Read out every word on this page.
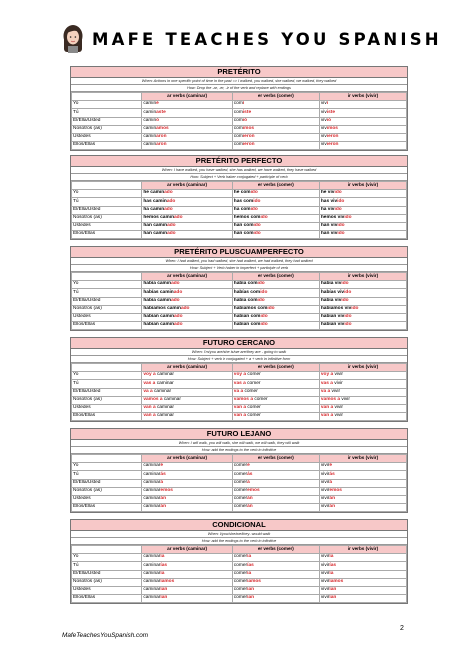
MAFE TEACHES YOU SPANISH
PRETÉRITO
When: Actions in one specific point of time in the past => I walked, you walked, she walked, we walked, they walked
How: Drop the -ar, -er, -ir of the verb and replace with endings
	ar verbs (caminar)	er verbs (comer)	ir verbs (vivir)
Yo	caminé	comí	viví
Tú	caminaste	comiste	viviste
Él/Ella/Usted	caminó	comió	vivió
Nosotros (as)	caminamos	comimos	vivimos
Ustedes	caminaron	comieron	vivieron
Ellos/Ellas	caminaron	comieron	vivieron
PRETÉRITO PERFECTO
When: I have walked, you have walked, she has walked, we have walked, they have walked
How: Subject + Verb haber conjugated + participle of verb
	ar verbs (caminar)	er verbs (comer)	ir verbs (vivir)
Yo	he caminado	he comido	he vivido
Tú	has caminado	has comido	has vivido
Él/Ella/Usted	ha caminado	ha comido	ha vivido
Nosotros (as)	hemos caminado	hemos comido	hemos vivido
Ustedes	han caminado	han comido	han vivido
Ellos/Ellas	han caminado	han comido	han vivido
PRETÉRITO PLUSCUAMPERFECTO
When: I had walked, you had walked, she had walked, we had walked, they had walked
How: Subject + Verb haber in imperfect + participle of verb
	ar verbs (caminar)	er verbs (comer)	ir verbs (vivir)
Yo	había caminado	había comido	había vivido
Tú	habías caminado	habías comido	habías vivido
Él/Ella/Usted	había caminado	había comido	había vivido
Nosotros (as)	habíamos caminado	habíamos comido	habíamos vivido
Ustedes	habían caminado	habían comido	habían vivido
Ellos/Ellas	habían caminado	habían comido	habían vivido
FUTURO CERCANO
When: I'm/you are/she is/we are/they are - going to walk
How: Subject + verb ir conjugated + a + verb in infinitive form
	ar verbs (caminar)	er verbs (comer)	ir verbs (vivir)
Yo	voy a caminar	voy a comer	voy a vivir
Tú	vas a caminar	vas a comer	vas a vivir
Él/Ella/Usted	va a caminar	va a comer	va a vivir
Nosotros (as)	vamos a caminar	vamos a comer	vamos a vivir
Ustedes	van a caminar	van a comer	van a vivir
Ellos/Ellas	van a caminar	van a comer	van a vivir
FUTURO LEJANO
When: I will walk, you will walk, she will walk, we will walk, they will walk
How: add the endings to the verb in infinitive
	ar verbs (caminar)	er verbs (comer)	ir verbs (vivir)
Yo	caminaré	comeré	viviré
Tú	caminarás	comerás	vivirás
Él/Ella/Usted	caminará	comerá	vivirá
Nosotros (as)	caminaremos	comeremos	viviremos
Ustedes	caminarán	comerán	vivirán
Ellos/Ellas	caminarán	comerán	vivirán
CONDICIONAL
When: I/you/she/we/they- would walk
How: add the endings to the verb in infinitive
	ar verbs (caminar)	er verbs (comer)	ir verbs (vivir)
Yo	caminaría	comería	viviría
Tú	caminarías	comerías	vivirías
Él/Ella/Usted	caminaría	comería	viviría
Nosotros (as)	caminaríamos	comeríamos	viviríamos
Ustedes	caminarían	comerían	vivirían
Ellos/Ellas	caminarían	comerían	vivirían
2
MafeTeachesYouSpanish.com
